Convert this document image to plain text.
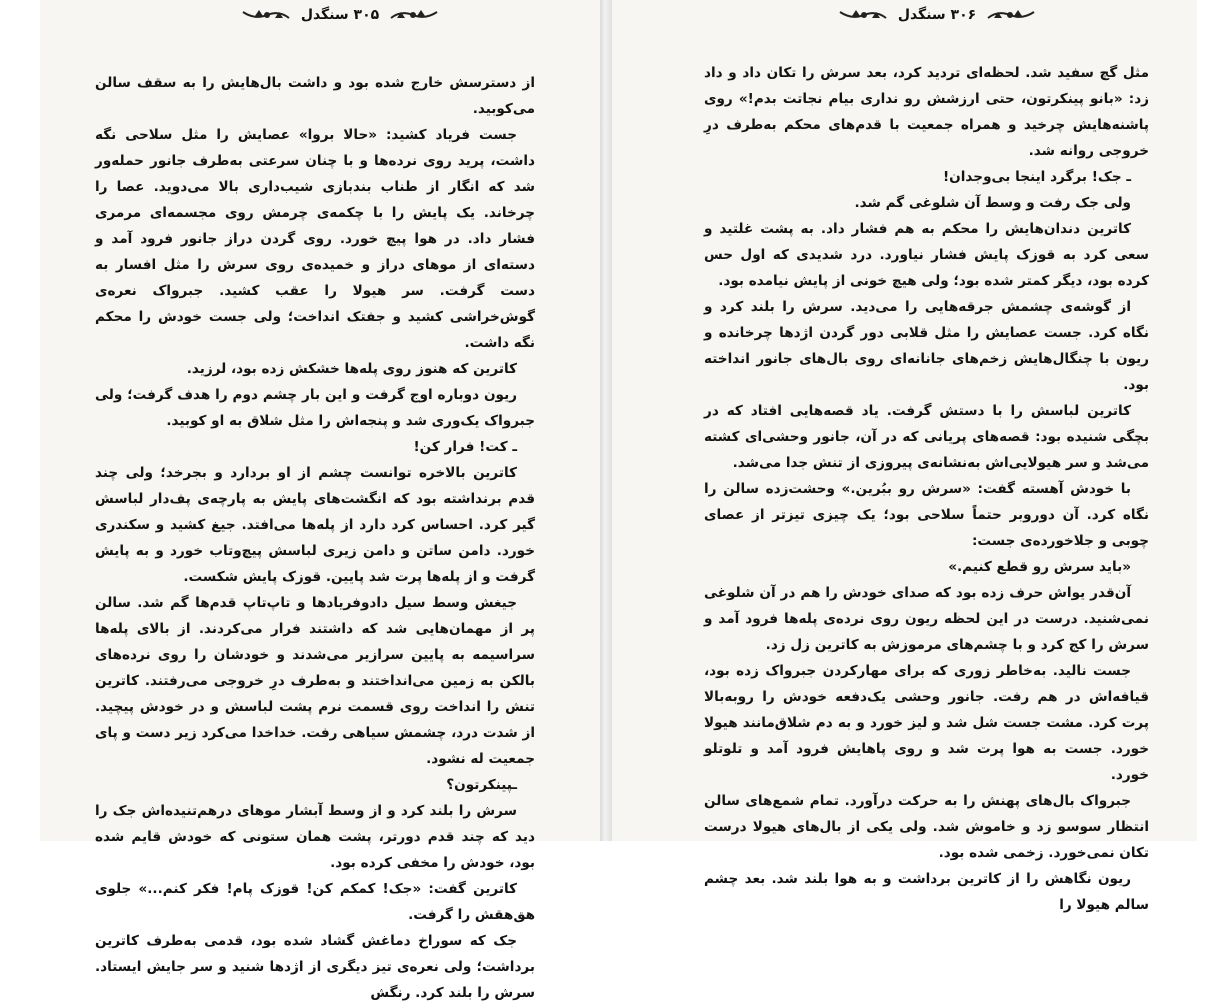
۳۰۵ سنگدل

از دسترسش خارج شده بود و داشت بال‌هایش را به سقف سالن می‌کوبید.

جست فریاد کشید: «حالا بروا» عصایش را مثل سلاحی نگه داشت، پرید روی نرده‌ها و با چنان سرعتی به‌طرف جانور حمله‌ور شد که انگار از طناب بندبازی شیب‌داری بالا می‌دوید. عصا را چرخاند. یک پایش را با چکمه‌ی چرمش روی مجسمه‌ای مرمری فشار داد. در هوا پیچ خورد. روی گردن دراز جانور فرود آمد و دسته‌ای از موهای دراز و خمیده‌ی روی سرش را مثل افسار به دست گرفت. سر هیولا را عقب کشید. جبرواک نعره‌ی گوش‌خراشی کشید و جفتک انداخت؛ ولی جست خودش را محکم نگه داشت.

کاترین که هنوز روی پله‌ها خشکش زده بود، لرزید.

ریون دوباره اوج گرفت و این بار چشم دوم را هدف گرفت؛ ولی جبرواک یک‌وری شد و پنجه‌اش را مثل شلاق به او کوبید.

ـ کت! فرار کن!

کاترین بالاخره توانست چشم از او بردارد و بجرخد؛ ولی چند قدم برنداشته بود که انگشت‌های پایش به پارچه‌ی پف‌دار لباسش گیر کرد. احساس کرد دارد از پله‌ها می‌افتد. جیغ کشید و سکندری خورد. دامن ساتن و دامن زیری لباسش پیچ‌وتاب خورد و به پایش گرفت و از پله‌ها پرت شد پایین. قوزک پایش شکست.

جیغش وسط سیل دادوفریادها و تاپ‌تاپ قدم‌ها گم شد. سالن پر از مهمان‌هایی شد که داشتند فرار می‌کردند. از بالای پله‌ها سراسیمه به پایین سرازیر می‌شدند و خودشان را روی نرده‌های بالکن به زمین می‌انداختند و به‌طرف درِ خروجی می‌رفتند. کاترین تنش را انداخت روی قسمت نرم پشت لباسش و در خودش پیچید. از شدت درد، چشمش سیاهی رفت. خداخدا می‌کرد زیر دست و پای جمعیت له نشود.

ـپینکرتون؟

سرش را بلند کرد و از وسط آبشار موهای درهم‌تنیده‌اش جک را دید که چند قدم دورتر، پشت همان ستونی که خودش قایم شده بود، خودش را مخفی کرده بود.

کاترین گفت: «جک! کمکم کن! قوزک پام! فکر کنم...» جلوی هق‌هقش را گرفت.

جک که سوراخ دماغش گشاد شده بود، قدمی به‌طرف کاترین برداشت؛ ولی نعره‌ی تیز دیگری از اژدها شنید و سر جایش ایستاد. سرش را بلند کرد. رنگش

۳۰۶ سنگدل

مثل گچ سفید شد. لحظه‌ای تردید کرد، بعد سرش را تکان داد و داد زد: «بانو پینکرتون، حتی ارزشش رو نداری بیام نجاتت بدم!» روی پاشنه‌هایش چرخید و همراه جمعیت با قدم‌های محکم به‌طرف درِ خروجی روانه شد.

ـ جک! برگرد اینجا بی‌وجدان!

ولی جک رفت و وسط آن شلوغی گم شد.

کاترین دندان‌هایش را محکم به هم فشار داد. به پشت غلتید و سعی کرد به قوزک پایش فشار نیاورد. درد شدیدی که اول حس کرده بود، دیگر کمتر شده بود؛ ولی هیچ خونی از پایش نیامده بود.

از گوشه‌ی چشمش جرقه‌هایی را می‌دید. سرش را بلند کرد و نگاه کرد. جست عصایش را مثل قلابی دور گردن اژدها چرخانده و ریون با چنگال‌هایش زخم‌های جانانه‌ای روی بال‌های جانور انداخته بود.

کاترین لباسش را با دستش گرفت. یاد قصه‌هایی افتاد که در بچگی شنیده بود: قصه‌های پریانی که در آن، جانور وحشی‌ای کشته می‌شد و سر هیولایی‌اش به‌نشانه‌ی پیروزی از تنش جدا می‌شد.

با خودش آهسته گفت: «سرش رو ببُرین.» وحشت‌زده سالن را نگاه کرد. آن دوروبر حتماً سلاحی بود؛ یک چیزی تیزتر از عصای چوبی و جلاخورده‌ی جست:

«باید سرش رو قطع کنیم.»

آن‌قدر یواش حرف زده بود که صدای خودش را هم در آن شلوغی نمی‌شنید. درست در این لحظه ریون روی نرده‌ی پله‌ها فرود آمد و سرش را کج کرد و با چشم‌های مرموزش به کاترین زل زد.

جست نالید. به‌خاطر زوری که برای مهارکردن جبرواک زده بود، قیافه‌اش در هم رفت. جانور وحشی یک‌دفعه خودش را روبه‌بالا پرت کرد. مشت جست شل شد و لیز خورد و به دم شلاق‌مانند هیولا خورد. جست به هوا پرت شد و روی پاهایش فرود آمد و تلوتلو خورد.

جبرواک بال‌های پهنش را به حرکت درآورد. تمام شمع‌های سالن انتظار سوسو زد و خاموش شد. ولی یکی از بال‌های هیولا درست تکان نمی‌خورد. زخمی شده بود.

ریون نگاهش را از کاترین برداشت و به هوا بلند شد. بعد چشم سالم هیولا را
